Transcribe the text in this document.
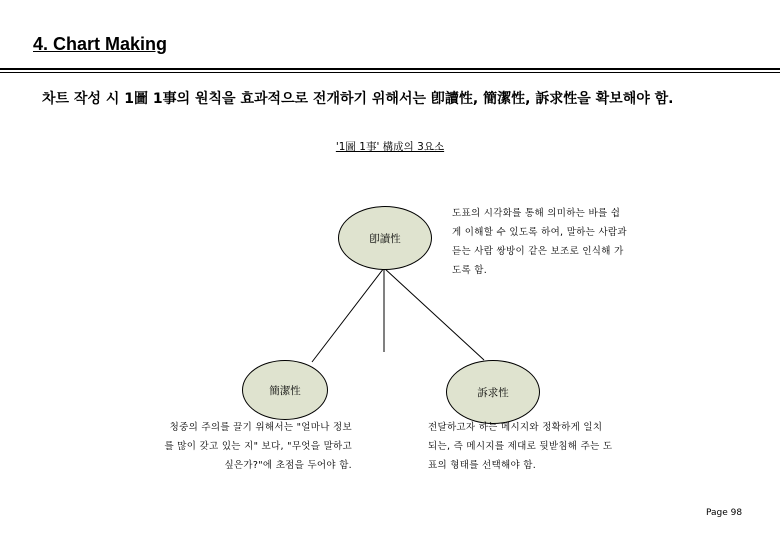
4. Chart Making
차트 작성 시 1圖 1事의 원칙을 효과적으로 전개하기 위해서는 卽讀性, 簡潔性, 訴求性을 확보해야 함.
'1圖 1事' 構成의 3요소
卽讀性
簡潔性	訴求性
도표의 시각화를 통해 의미하는 바를 쉽
게 이해할 수 있도록 하여, 말하는 사람과
듣는 사람 쌍방이 같은 보조로 인식해 가
도록 함.
청중의 주의를 끌기 위해서는 "얼마나 정보
를 많이 갖고 있는 지" 보다, "무엇을 말하고
싶은가?"에 초점을 두어야 함.
전달하고자 하는 메시지와 정확하게 일치
되는, 즉 메시지를 제대로 뒷받침해 주는 도
표의 형태를 선택해야 함.
Page 98
